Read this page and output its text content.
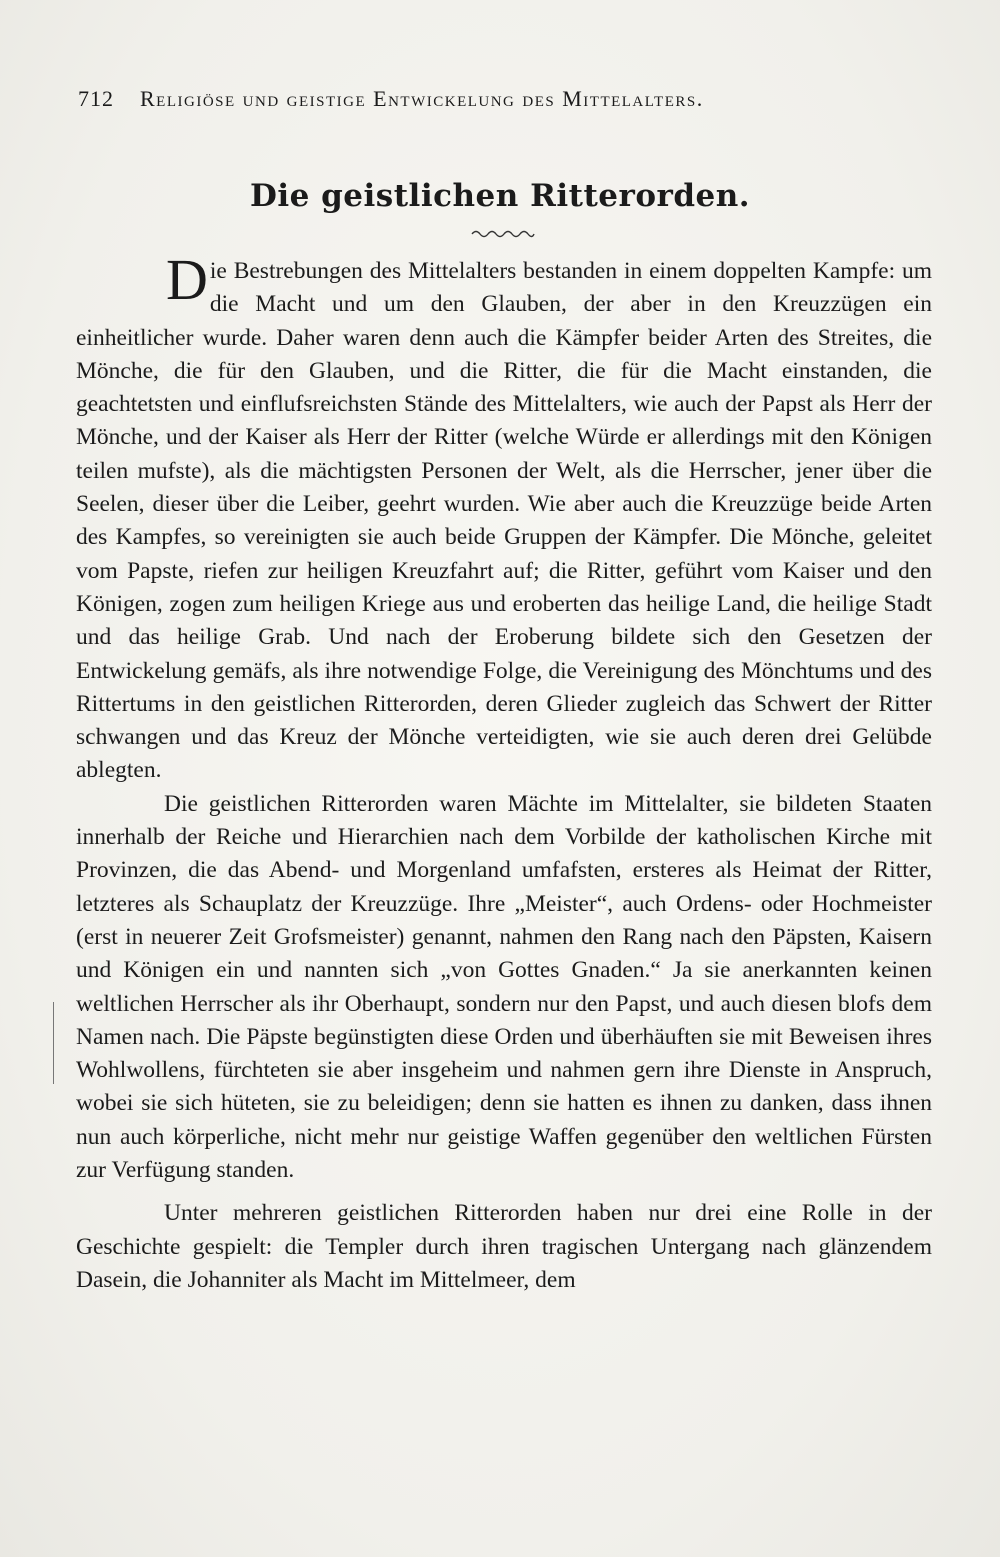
712 Religiöse und geistige Entwickelung des Mittelalters.
Die geistlichen Ritterorden.

Die Bestrebungen des Mittelalters bestanden in einem doppelten Kampfe: um die Macht und um den Glauben, der aber in den Kreuzzügen ein einheitlicher wurde. Daher waren denn auch die Kämpfer beider Arten des Streites, die Mönche, die für den Glauben, und die Ritter, die für die Macht einstanden, die geachtetsten und einflufsreichsten Stände des Mittelalters, wie auch der Papst als Herr der Mönche, und der Kaiser als Herr der Ritter (welche Würde er allerdings mit den Königen teilen mufste), als die mächtigsten Personen der Welt, als die Herrscher, jener über die Seelen, dieser über die Leiber, geehrt wurden. Wie aber auch die Kreuzzüge beide Arten des Kampfes, so vereinigten sie auch beide Gruppen der Kämpfer. Die Mönche, geleitet vom Papste, riefen zur heiligen Kreuzfahrt auf; die Ritter, geführt vom Kaiser und den Königen, zogen zum heiligen Kriege aus und eroberten das heilige Land, die heilige Stadt und das heilige Grab. Und nach der Eroberung bildete sich den Gesetzen der Entwickelung gemäfs, als ihre notwendige Folge, die Vereinigung des Mönchtums und des Rittertums in den geistlichen Ritterorden, deren Glieder zugleich das Schwert der Ritter schwangen und das Kreuz der Mönche verteidigten, wie sie auch deren drei Gelübde ablegten.

Die geistlichen Ritterorden waren Mächte im Mittelalter, sie bildeten Staaten innerhalb der Reiche und Hierarchien nach dem Vorbilde der katholischen Kirche mit Provinzen, die das Abend- und Morgenland umfafsten, ersteres als Heimat der Ritter, letzteres als Schauplatz der Kreuzzüge. Ihre „Meister“, auch Ordens- oder Hochmeister (erst in neuerer Zeit Grofsmeister) genannt, nahmen den Rang nach den Päpsten, Kaisern und Königen ein und nannten sich „von Gottes Gnaden.“ Ja sie anerkannten keinen weltlichen Herrscher als ihr Oberhaupt, sondern nur den Papst, und auch diesen blofs dem Namen nach. Die Päpste begünstigten diese Orden und überhäuften sie mit Beweisen ihres Wohlwollens, fürchteten sie aber insgeheim und nahmen gern ihre Dienste in Anspruch, wobei sie sich hüteten, sie zu beleidigen; denn sie hatten es ihnen zu danken, dass ihnen nun auch körperliche, nicht mehr nur geistige Waffen gegenüber den weltlichen Fürsten zur Verfügung standen.

Unter mehreren geistlichen Ritterorden haben nur drei eine Rolle in der Geschichte gespielt: die Templer durch ihren tragischen Untergang nach glänzendem Dasein, die Johanniter als Macht im Mittelmeer, dem
